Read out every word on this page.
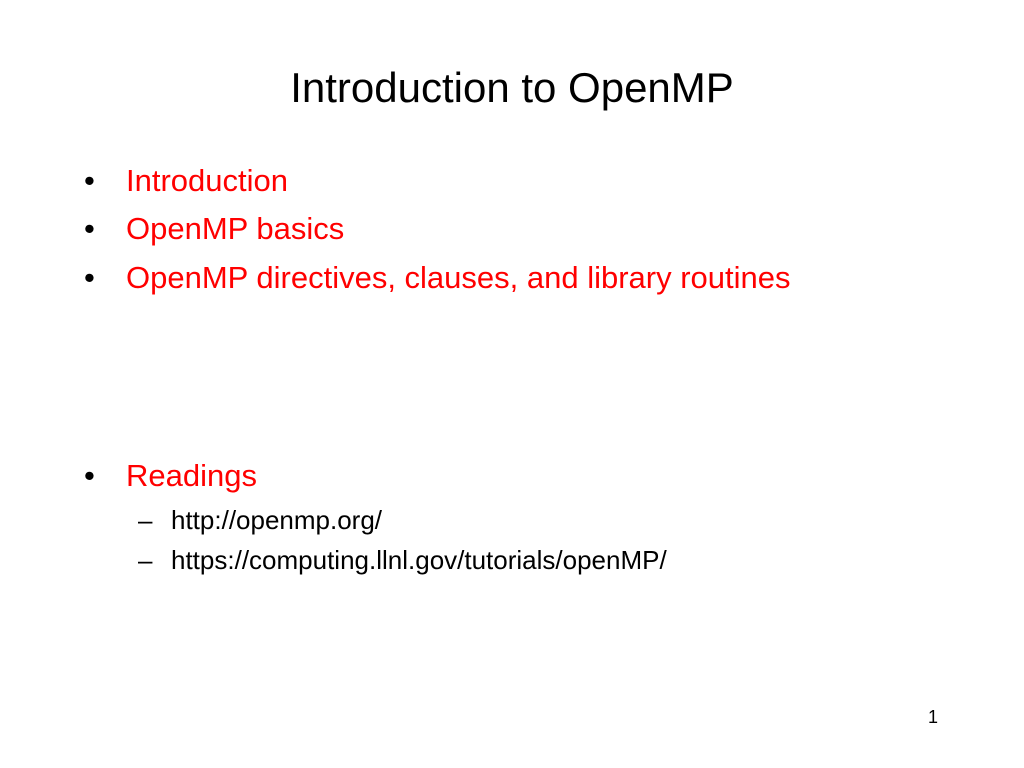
Introduction to OpenMP
• Introduction
• OpenMP basics
• OpenMP directives, clauses, and library routines
• Readings
– http://openmp.org/
– https://computing.llnl.gov/tutorials/openMP/
1
